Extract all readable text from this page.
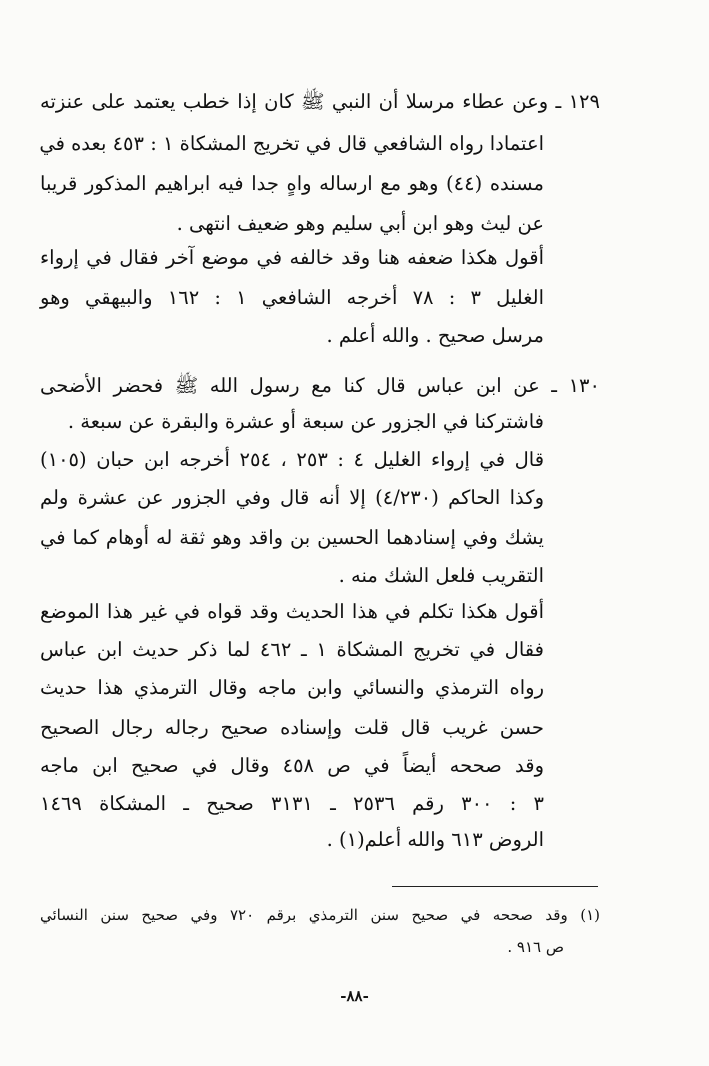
١٢٩ ـ وعن عطاء مرسلا أن النبي ﷺ كان إذا خطب يعتمد على عنزته
اعتمادا رواه الشافعي قال في تخريج المشكاة ١ : ٤٥٣ بعده في
مسنده (٤٤) وهو مع ارساله واهٍ جدا فيه ابراهيم المذكور قريبا
عن ليث وهو ابن أبي سليم وهو ضعيف انتهى .
أقول هكذا ضعفه هنا وقد خالفه في موضع آخر فقال في إرواء
الغليل ٣ : ٧٨ أخرجه الشافعي ١ : ١٦٢ والبيهقي وهو
مرسل صحيح . والله أعلم .
١٣٠ ـ عن ابن عباس قال كنا مع رسول الله ﷺ فحضر الأضحى
فاشتركنا في الجزور عن سبعة أو عشرة والبقرة عن سبعة .
قال في إرواء الغليل ٤ : ٢٥٣ ، ٢٥٤ أخرجه ابن حبان (١٠٥)
وكذا الحاكم (٤/٢٣٠) إلا أنه قال وفي الجزور عن عشرة ولم
يشك وفي إسنادهما الحسين بن واقد وهو ثقة له أوهام كما في
التقريب فلعل الشك منه .
أقول هكذا تكلم في هذا الحديث وقد قواه في غير هذا الموضع
فقال في تخريج المشكاة ١ ـ ٤٦٢ لما ذكر حديث ابن عباس
رواه الترمذي والنسائي وابن ماجه وقال الترمذي هذا حديث
حسن غريب قال قلت وإسناده صحيح رجاله رجال الصحيح
وقد صححه أيضاً في ص ٤٥٨ وقال في صحيح ابن ماجه
٣ : ٣٠٠ رقم ٢٥٣٦ ـ ٣١٣١ صحيح ـ المشكاة ١٤٦٩
الروض ٦١٣ والله أعلم(١) .
(١) وقد صححه في صحيح سنن الترمذي برقم ٧٢٠ وفي صحيح سنن النسائي
ص ٩١٦ .
-٨٨-
